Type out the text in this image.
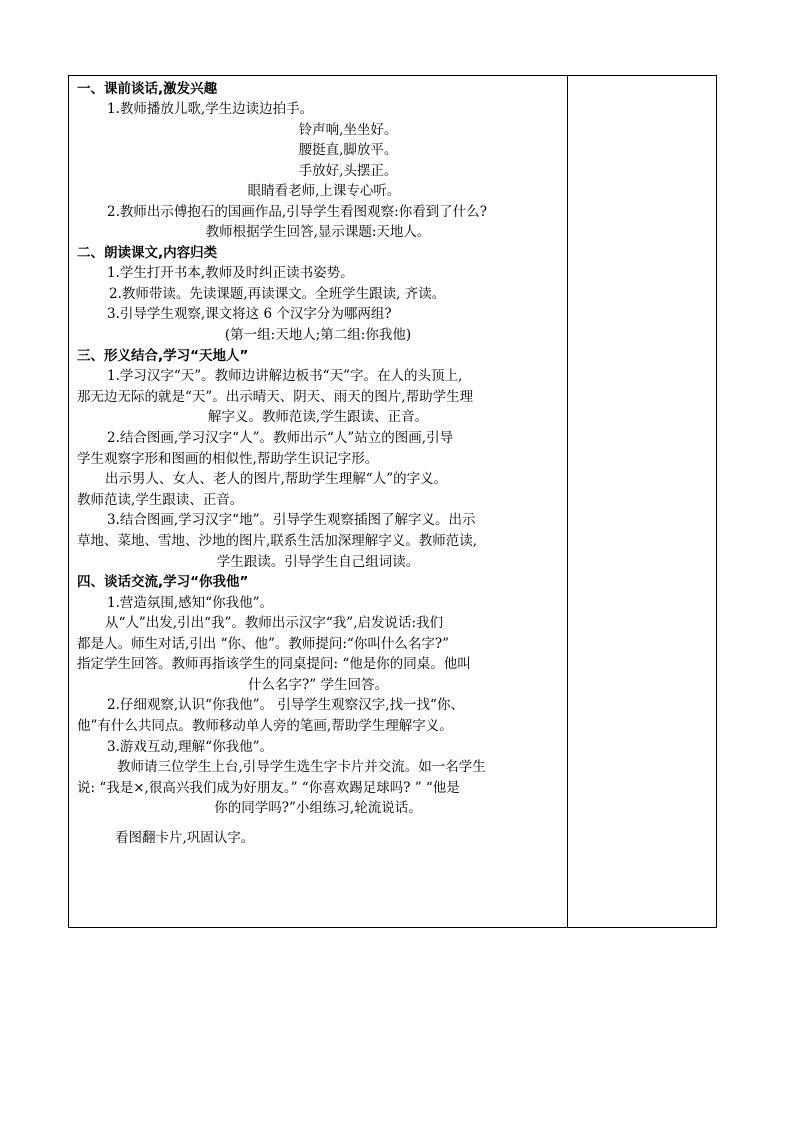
一、课前谈话,激发兴趣
1.教师播放儿歌,学生边读边拍手。
铃声响,坐坐好。
腰挺直,脚放平。
手放好,头摆正。
眼睛看老师,上课专心听。
2.教师出示傅抱石的国画作品,引导学生看图观察:你看到了什么?
教师根据学生回答,显示课题:天地人。
二、朗读课文,内容归类
1.学生打开书本,教师及时纠正读书姿势。
2.教师带读。先读课题,再读课文。全班学生跟读, 齐读。
3.引导学生观察,课文将这 6 个汉字分为哪两组?
(第一组:天地人;第二组:你我他)
三、形义结合,学习“天地人”
1.学习汉字“天”。教师边讲解边板书“天”字。在人的头顶上,
那无边无际的就是“天”。出示晴天、阴天、雨天的图片,帮助学生理
解字义。教师范读,学生跟读、正音。
2.结合图画,学习汉字“人”。教师出示“人”站立的图画,引导
学生观察字形和图画的相似性,帮助学生识记字形。
出示男人、女人、老人的图片,帮助学生理解“人”的字义。
教师范读,学生跟读、正音。
3.结合图画,学习汉字“地”。引导学生观察插图了解字义。出示
草地、菜地、雪地、沙地的图片,联系生活加深理解字义。教师范读,
学生跟读。引导学生自己组词读。
四、谈话交流,学习“你我他”
1.营造氛围,感知“你我他”。
从“人”出发,引出“我”。教师出示汉字“我”,启发说话:我们
都是人。师生对话,引出 “你、他”。教师提问:“你叫什么名字?”
指定学生回答。教师再指该学生的同桌提问: “他是你的同桌。他叫
什么名字?” 学生回答。
2.仔细观察,认识“你我他”。 引导学生观察汉字,找一找“你、
他”有什么共同点。教师移动单人旁的笔画,帮助学生理解字义。
3.游戏互动,理解“你我他”。
教师请三位学生上台,引导学生选生字卡片并交流。如一名学生
说: “我是×,很高兴我们成为好朋友。” “你喜欢踢足球吗? ” “他是
你的同学吗?”小组练习,轮流说话。
看图翻卡片,巩固认字。
